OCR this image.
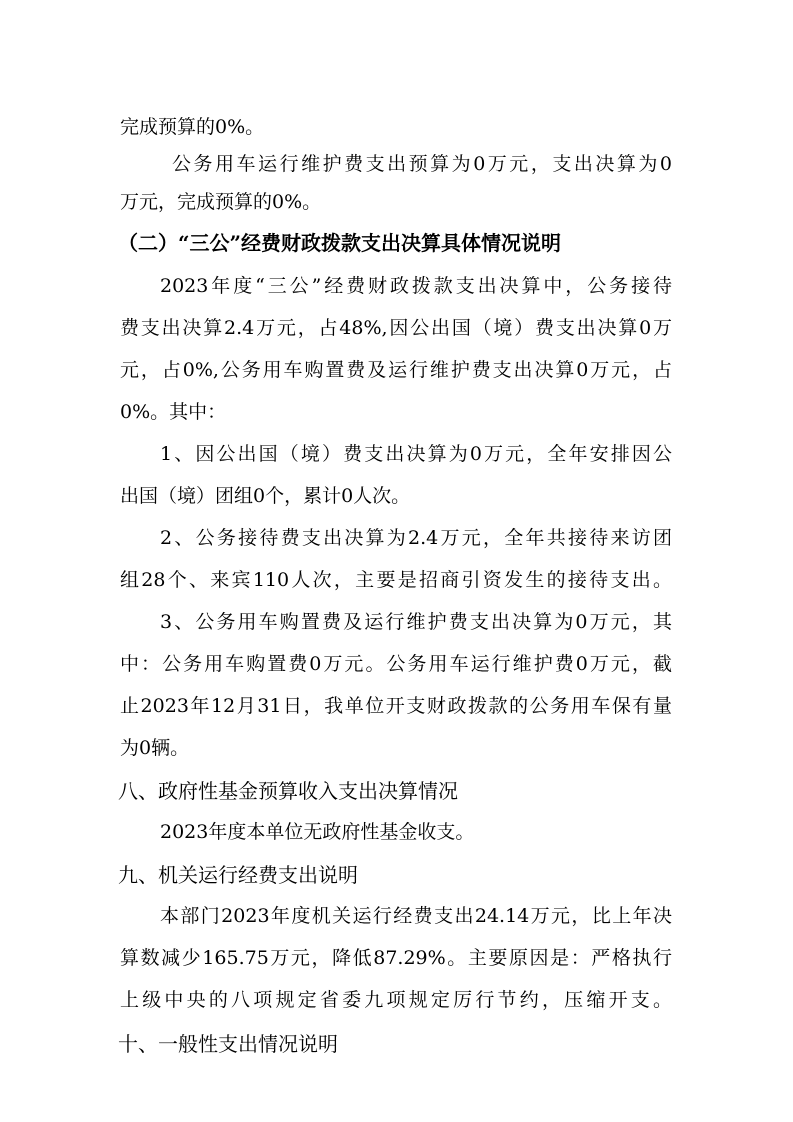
完成预算的0%。
公务用车运行维护费支出预算为0万元，支出决算为0
万元，完成预算的0%。
（二）“三公”经费财政拨款支出决算具体情况说明
2023年度“三公”经费财政拨款支出决算中，公务接待
费支出决算2.4万元，占48%,因公出国（境）费支出决算0万
元，占0%,公务用车购置费及运行维护费支出决算0万元，占
0%。其中：
1、因公出国（境）费支出决算为0万元，全年安排因公
出国（境）团组0个，累计0人次。
2、公务接待费支出决算为2.4万元，全年共接待来访团
组28个、来宾110人次，主要是招商引资发生的接待支出。
3、公务用车购置费及运行维护费支出决算为0万元，其
中：公务用车购置费0万元。公务用车运行维护费0万元，截
止2023年12月31日，我单位开支财政拨款的公务用车保有量
为0辆。
八、政府性基金预算收入支出决算情况
2023年度本单位无政府性基金收支。
九、机关运行经费支出说明
本部门2023年度机关运行经费支出24.14万元，比上年决
算数减少165.75万元，降低87.29%。主要原因是：严格执行
上级中央的八项规定省委九项规定厉行节约，压缩开支。
十、一般性支出情况说明
